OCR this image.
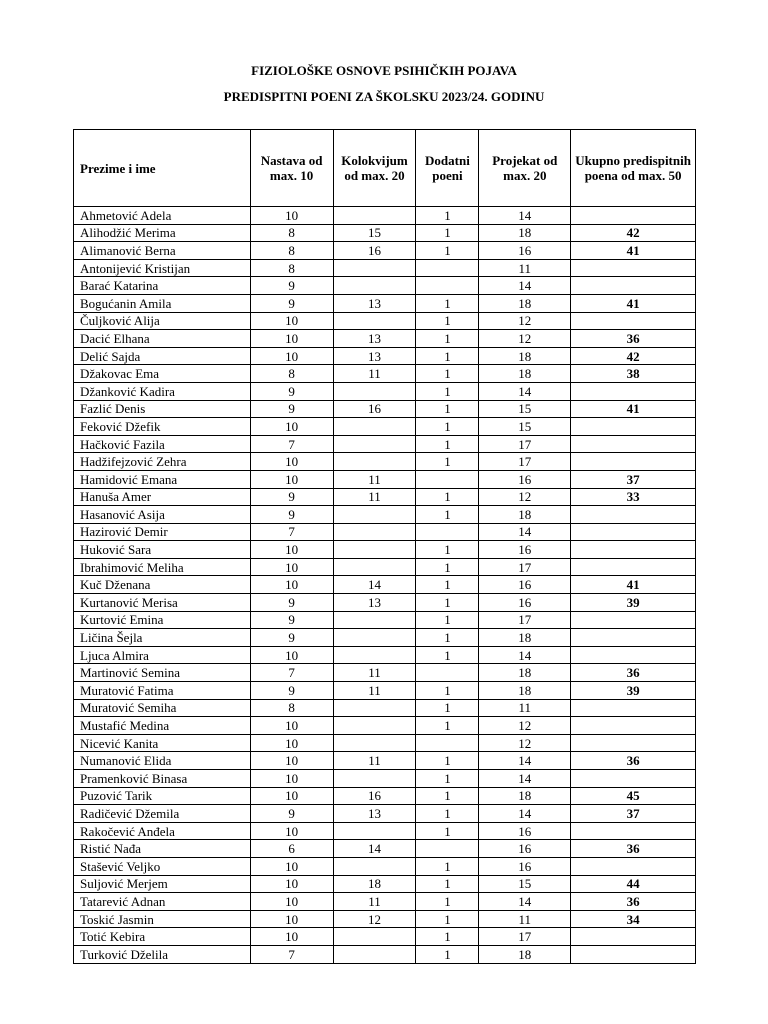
FIZIOLOŠKE OSNOVE PSIHIČKIH POJAVA
PREDISPITNI POENI ZA ŠKOLSKU 2023/24. GODINU
Prezime i ime	Nastava od max. 10	Kolokvijum od max. 20	Dodatni poeni	Projekat od max. 20	Ukupno predispitnih poena od max. 50
Ahmetović Adela	10		1	14	
Alihodžić Merima	8	15	1	18	42
Alimanović Berna	8	16	1	16	41
Antonijević Kristijan	8			11	
Barać Katarina	9			14	
Bogućanin Amila	9	13	1	18	41
Čuljković Alija	10		1	12	
Dacić Elhana	10	13	1	12	36
Delić Sajda	10	13	1	18	42
Džakovac Ema	8	11	1	18	38
Džanković Kadira	9		1	14	
Fazlić Denis	9	16	1	15	41
Feković Džefik	10		1	15	
Hačković Fazila	7		1	17	
Hadžifejzović Zehra	10		1	17	
Hamidović Emana	10	11		16	37
Hanuša Amer	9	11	1	12	33
Hasanović Asija	9		1	18	
Hazirović Demir	7			14	
Huković Sara	10		1	16	
Ibrahimović Meliha	10		1	17	
Kuč Dženana	10	14	1	16	41
Kurtanović Merisa	9	13	1	16	39
Kurtović Emina	9		1	17	
Ličina Šejla	9		1	18	
Ljuca Almira	10		1	14	
Martinović Semina	7	11		18	36
Muratović Fatima	9	11	1	18	39
Muratović Semiha	8		1	11	
Mustafić Medina	10		1	12	
Nicević Kanita	10			12	
Numanović Elida	10	11	1	14	36
Pramenković Binasa	10		1	14	
Puzović Tarik	10	16	1	18	45
Radičević Džemila	9	13	1	14	37
Rakočević Anđela	10		1	16	
Ristić Nađa	6	14		16	36
Stašević Veljko	10		1	16	
Suljović Merjem	10	18	1	15	44
Tatarević Adnan	10	11	1	14	36
Toskić Jasmin	10	12	1	11	34
Totić Kebira	10		1	17	
Turković Dželila	7		1	18	
